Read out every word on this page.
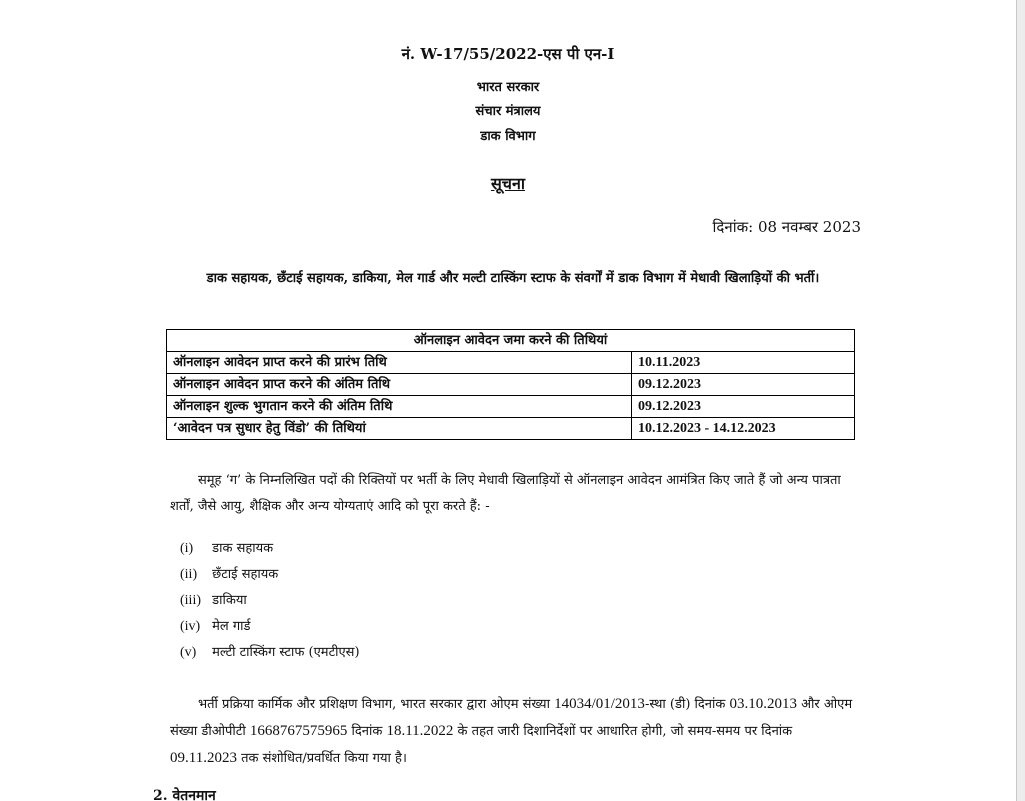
नं. W-17/55/2022-एस पी एन-I
भारत सरकार
संचार मंत्रालय
डाक विभाग
सूचना
दिनांक: 08 नवम्बर 2023
डाक सहायक, छँटाई सहायक, डाकिया, मेल गार्ड और मल्टी टास्किंग स्टाफ के संवर्गों में डाक विभाग में मेधावी खिलाड़ियों की भर्ती।
ऑनलाइन आवेदन जमा करने की तिथियां	
ऑनलाइन आवेदन प्राप्त करने की प्रारंभ तिथि	10.11.2023
ऑनलाइन आवेदन प्राप्त करने की अंतिम तिथि	09.12.2023
ऑनलाइन शुल्क भुगतान करने की अंतिम तिथि	09.12.2023
‘आवेदन पत्र सुधार हेतु विंडो’ की तिथियां	10.12.2023 - 14.12.2023
समूह ‘ग’ के निम्नलिखित पदों की रिक्तियों पर भर्ती के लिए मेधावी खिलाड़ियों से ऑनलाइन आवेदन आमंत्रित किए जाते हैं जो अन्य पात्रता शर्तों, जैसे आयु, शैक्षिक और अन्य योग्यताएं आदि को पूरा करते हैं: -
(i) डाक सहायक
(ii) छँटाई सहायक
(iii) डाकिया
(iv) मेल गार्ड
(v) मल्टी टास्किंग स्टाफ (एमटीएस)
भर्ती प्रक्रिया कार्मिक और प्रशिक्षण विभाग, भारत सरकार द्वारा ओएम संख्या 14034/01/2013-स्था (डी) दिनांक 03.10.2013 और ओएम संख्या डीओपीटी 1668767575965 दिनांक 18.11.2022 के तहत जारी दिशानिर्देशों पर आधारित होगी, जो समय-समय पर दिनांक 09.11.2023 तक संशोधित/प्रवर्धित किया गया है।
2. वेतनमान
